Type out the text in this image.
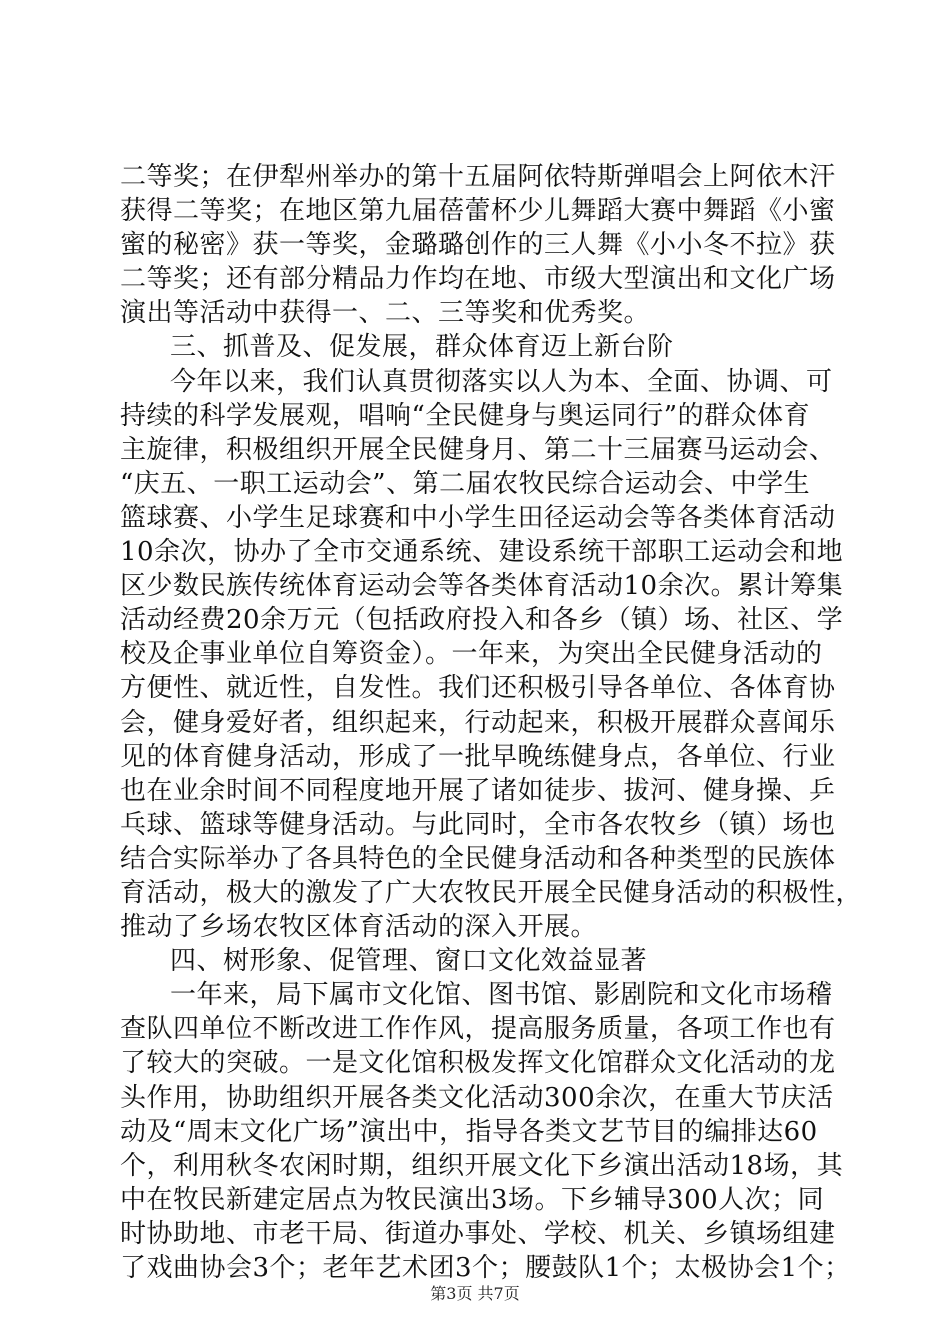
二等奖；在伊犁州举办的第十五届阿依特斯弹唱会上阿依木汗
获得二等奖；在地区第九届蓓蕾杯少儿舞蹈大赛中舞蹈《小蜜
蜜的秘密》获一等奖，金璐璐创作的三人舞《小小冬不拉》获
二等奖；还有部分精品力作均在地、市级大型演出和文化广场
演出等活动中获得一、二、三等奖和优秀奖。
三、抓普及、促发展，群众体育迈上新台阶
今年以来，我们认真贯彻落实以人为本、全面、协调、可
持续的科学发展观，唱响“全民健身与奥运同行”的群众体育
主旋律，积极组织开展全民健身月、第二十三届赛马运动会、
“庆五、一职工运动会”、第二届农牧民综合运动会、中学生
篮球赛、小学生足球赛和中小学生田径运动会等各类体育活动
10余次，协办了全市交通系统、建设系统干部职工运动会和地
区少数民族传统体育运动会等各类体育活动10余次。累计筹集
活动经费20余万元（包括政府投入和各乡（镇）场、社区、学
校及企事业单位自筹资金）。一年来，为突出全民健身活动的
方便性、就近性，自发性。我们还积极引导各单位、各体育协
会，健身爱好者，组织起来，行动起来，积极开展群众喜闻乐
见的体育健身活动，形成了一批早晚练健身点，各单位、行业
也在业余时间不同程度地开展了诸如徒步、拔河、健身操、乒
乓球、篮球等健身活动。与此同时，全市各农牧乡（镇）场也
结合实际举办了各具特色的全民健身活动和各种类型的民族体
育活动，极大的激发了广大农牧民开展全民健身活动的积极性，
推动了乡场农牧区体育活动的深入开展。
四、树形象、促管理、窗口文化效益显著
一年来，局下属市文化馆、图书馆、影剧院和文化市场稽
查队四单位不断改进工作作风，提高服务质量，各项工作也有
了较大的突破。一是文化馆积极发挥文化馆群众文化活动的龙
头作用，协助组织开展各类文化活动300余次，在重大节庆活
动及“周末文化广场”演出中，指导各类文艺节目的编排达60
个，利用秋冬农闲时期，组织开展文化下乡演出活动18场，其
中在牧民新建定居点为牧民演出3场。下乡辅导300人次；同
时协助地、市老干局、街道办事处、学校、机关、乡镇场组建
了戏曲协会3个；老年艺术团3个；腰鼓队1个；太极协会1个；
第3页 共7页
